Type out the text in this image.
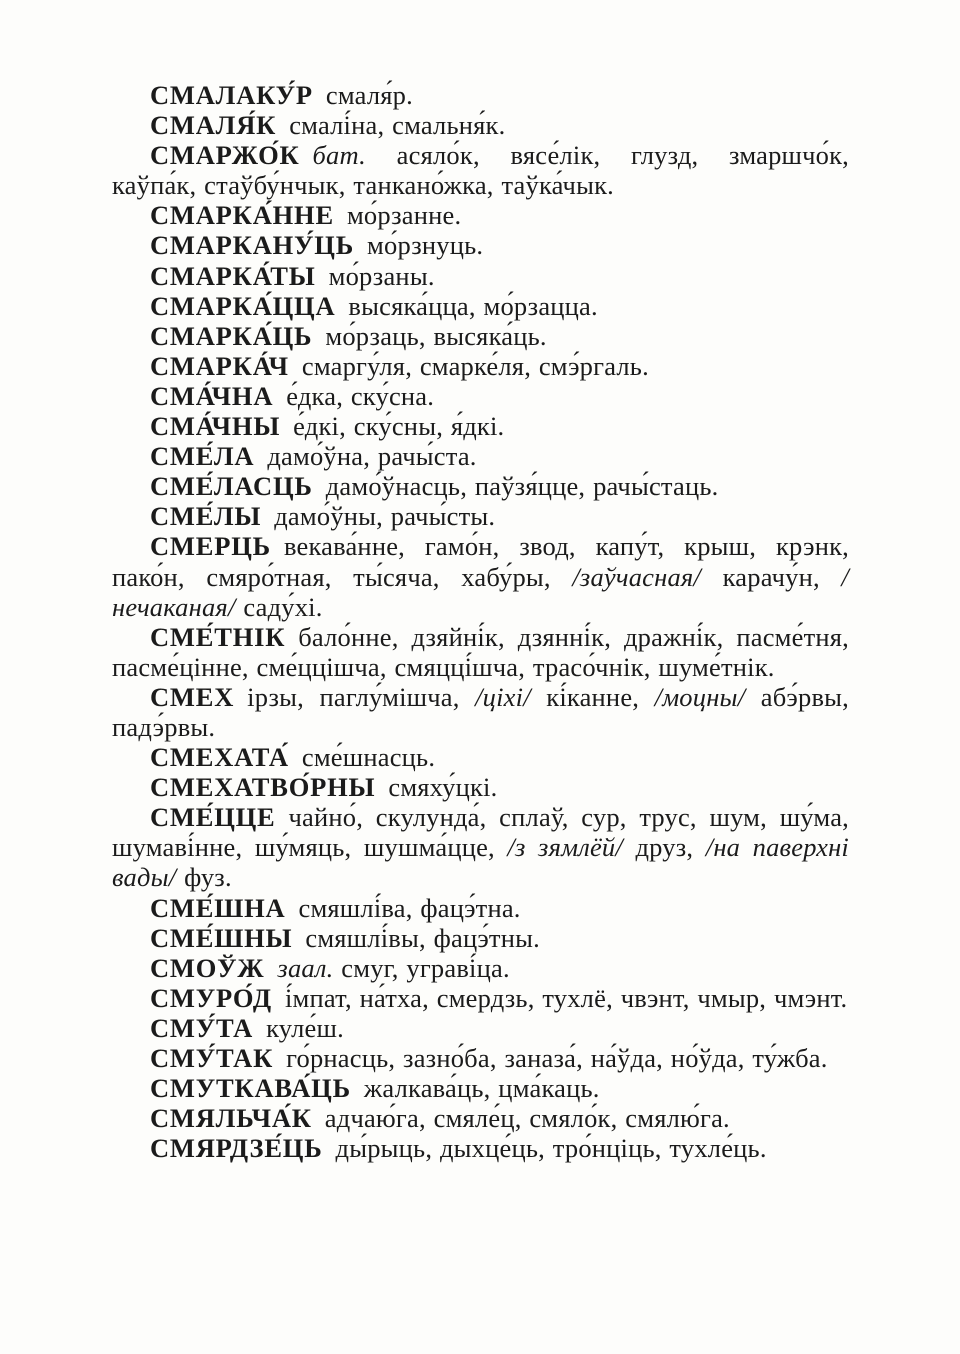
СМАЛАКУ́Р смаля́р.

СМАЛЯ́К смалі́на, смальня́к.

СМАРЖО́К бат. асяло́к, вясе́лік, глузд, змаршчо́к, каўпа́к, стаўбу́нчык, танкано́жка, таўка́чык.

СМАРКА́ННЕ мо́рзанне.

СМАРКАНУ́ЦЬ мо́рзнуць.

СМАРКА́ТЫ мо́рзаны.

СМАРКА́ЦЦА высяка́цца, мо́рзацца.

СМАРКА́ЦЬ мо́рзаць, высяка́ць.

СМАРКА́Ч смаргу́ля, смарке́ля, смэ́ргаль.

СМА́ЧНА е́дка, ску́сна.

СМА́ЧНЫ е́дкі, ску́сны, я́дкі.

СМЕ́ЛА дамо́ўна, рачы́ста.

СМЕ́ЛАСЦЬ дамо́ўнасць, паўзя́цце, рачы́стаць.

СМЕ́ЛЫ дамо́ўны, рачы́сты.

СМЕРЦЬ векава́нне, гамо́н, звод, капу́т, крыш, крэнк, пако́н, смяро́тная, ты́сяча, хабу́ры, /заўчасная/ карачу́н, /нечаканая/ саду́хі.

СМЕ́ТНІК бало́нне, дзяйні́к, дзянні́к, дражні́к, пасме́тня, пасме́цінне, сме́ццішча, смяцці́шча, трасо́чнік, шуме́тнік.

СМЕХ ірзы, паглу́мішча, /ціхі/ кі́канне, /моцны/ абэ́рвы, падэ́рвы.

СМЕХАТА́ сме́шнасць.

СМЕХАТВО́РНЫ смяху́цкі.

СМЕ́ЦЦЕ чайно́, скулунда́, сплаў, сур, трус, шум, шу́ма, шумаві́нне, шу́мяць, шушма́цце, /з зямлёй/ друз, /на паверхні вады/ фуз.

СМЕ́ШНА смяшлі́ва, фацэ́тна.

СМЕ́ШНЫ смяшлі́вы, фацэ́тны.

СМОЎЖ заал. смуг, уграві́ца.

СМУРО́Д і́мпат, на́тха, смердзь, тухлё, чвэнт, чмыр, чмэнт.

СМУ́ТА куле́ш.

СМУ́ТАК го́рнасць, зазно́ба, заназа́, на́ўда, но́ўда, ту́жба.

СМУТКАВА́ЦЬ жалкава́ць, цма́каць.

СМЯЛЬЧА́К адчаю́га, смяле́ц, смяло́к, смялю́га.

СМЯРДЗЕ́ЦЬ ды́рыць, дыхце́ць, тро́нціць, тухле́ць.
